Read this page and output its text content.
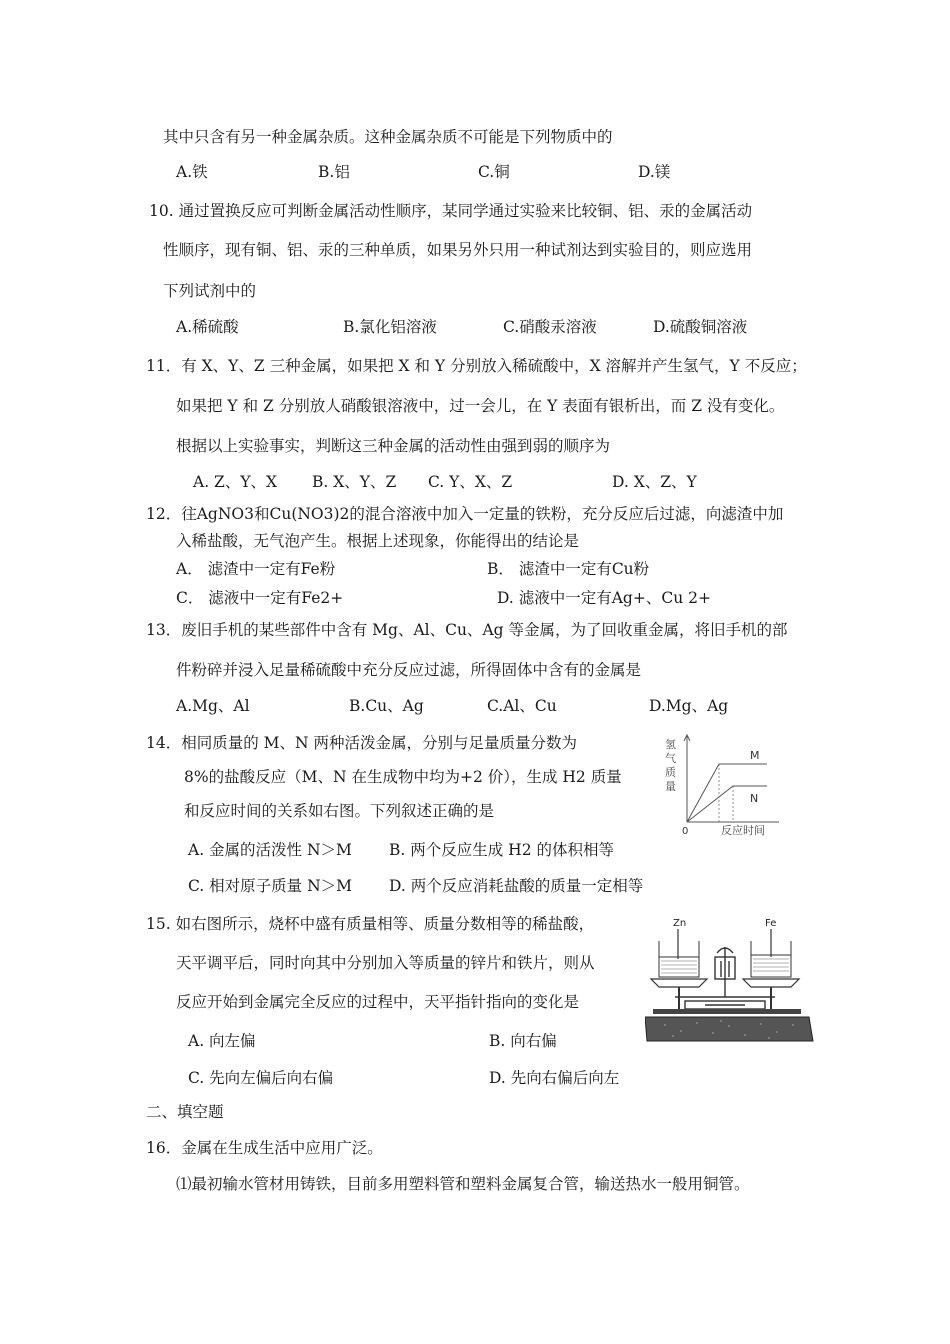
其中只含有另一种金属杂质。这种金属杂质不可能是下列物质中的
A.铁	B.铝	C.铜	D.镁
10. 通过置换反应可判断金属活动性顺序，某同学通过实验来比较铜、铝、汞的金属活动
性顺序，现有铜、铝、汞的三种单质，如果另外只用一种试剂达到实验目的，则应选用
下列试剂中的
A.稀硫酸	B.氯化铝溶液	C.硝酸汞溶液	D.硫酸铜溶液
11．有 X、Y、Z 三种金属，如果把 X 和 Y 分别放入稀硫酸中，X 溶解并产生氢气，Y 不反应；
如果把 Y 和 Z 分别放人硝酸银溶液中，过一会儿，在 Y 表面有银析出，而 Z 没有变化。
根据以上实验事实，判断这三种金属的活动性由强到弱的顺序为
A. Z、Y、X B. X、Y、Z C. Y、X、Z	D. X、Z、Y
12．往AgNO3和Cu(NO3)2的混合溶液中加入一定量的铁粉，充分反应后过滤，向滤渣中加
入稀盐酸，无气泡产生。根据上述现象，你能得出的结论是
A． 滤渣中一定有Fe粉	B． 滤渣中一定有Cu粉
C． 滤液中一定有Fe2+	D. 滤液中一定有Ag+、Cu 2+
13．废旧手机的某些部件中含有 Mg、Al、Cu、Ag 等金属，为了回收重金属，将旧手机的部
件粉碎并浸入足量稀硫酸中充分反应过滤，所得固体中含有的金属是
A.Mg、Al	B.Cu、Ag	C.Al、Cu	D.Mg、Ag
14．相同质量的 M、N 两种活泼金属，分别与足量质量分数为
8%的盐酸反应（M、N 在生成物中均为+2 价），生成 H2 质量
和反应时间的关系如右图。下列叙述正确的是
A. 金属的活泼性 N＞M B. 两个反应生成 H2 的体积相等
C. 相对原子质量 N＞M D. 两个反应消耗盐酸的质量一定相等
氢
气
质
量
M
N
0	反应时间
15. 如右图所示，烧杯中盛有质量相等、质量分数相等的稀盐酸，
天平调平后，同时向其中分别加入等质量的锌片和铁片，则从
反应开始到金属完全反应的过程中，天平指针指向的变化是
A. 向左偏	B. 向右偏
C. 先向左偏后向右偏	D. 先向右偏后向左
Zn	Fe
二、填空题
16．金属在生成生活中应用广泛。
⑴最初输水管材用铸铁，目前多用塑料管和塑料金属复合管，输送热水一般用铜管。
